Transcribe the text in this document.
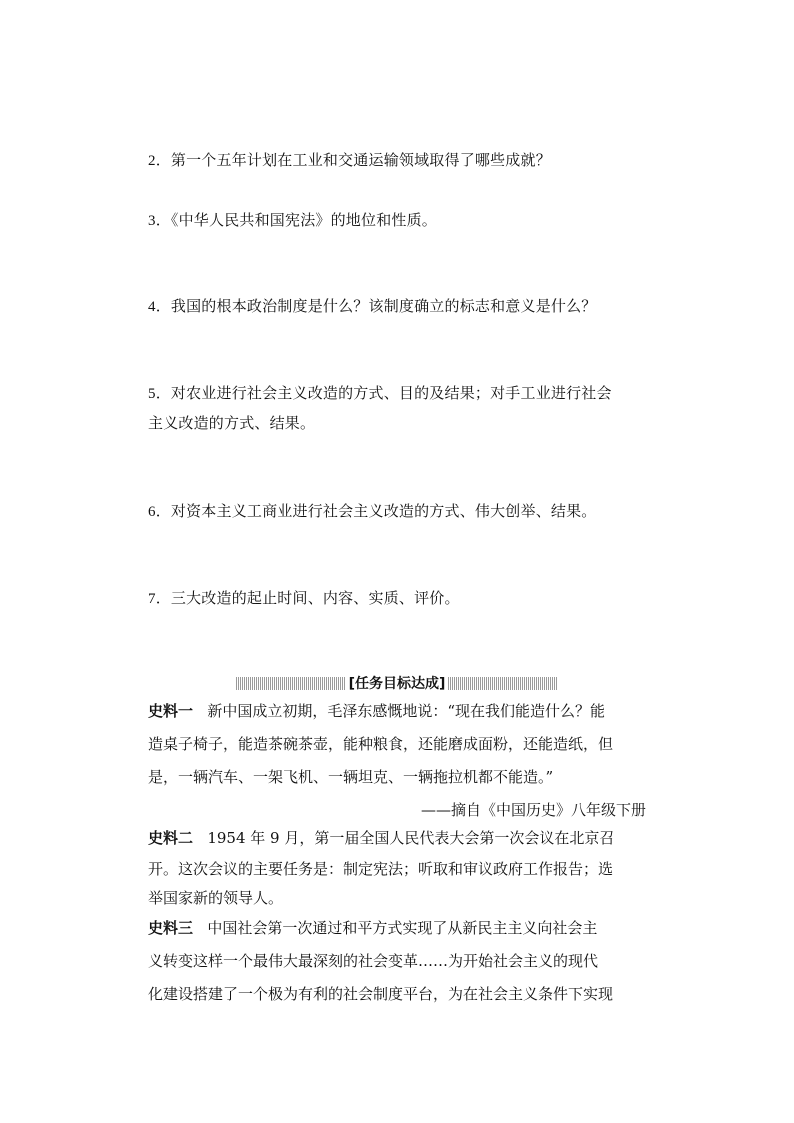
2．第一个五年计划在工业和交通运输领域取得了哪些成就？
3．《中华人民共和国宪法》的地位和性质。
4．我国的根本政治制度是什么？该制度确立的标志和意义是什么？
5．对农业进行社会主义改造的方式、目的及结果；对手工业进行社会
主义改造的方式、结果。
6．对资本主义工商业进行社会主义改造的方式、伟大创举、结果。
7．三大改造的起止时间、内容、实质、评价。
[任务目标达成]
史料一 新中国成立初期，毛泽东感慨地说：“现在我们能造什么？能
造桌子椅子，能造茶碗茶壶，能种粮食，还能磨成面粉，还能造纸，但
是，一辆汽车、一架飞机、一辆坦克、一辆拖拉机都不能造。”
——摘自《中国历史》八年级下册
史料二 1954 年 9 月，第一届全国人民代表大会第一次会议在北京召
开。这次会议的主要任务是：制定宪法；听取和审议政府工作报告；选
举国家新的领导人。
史料三 中国社会第一次通过和平方式实现了从新民主主义向社会主
义转变这样一个最伟大最深刻的社会变革……为开始社会主义的现代
化建设搭建了一个极为有利的社会制度平台，为在社会主义条件下实现
